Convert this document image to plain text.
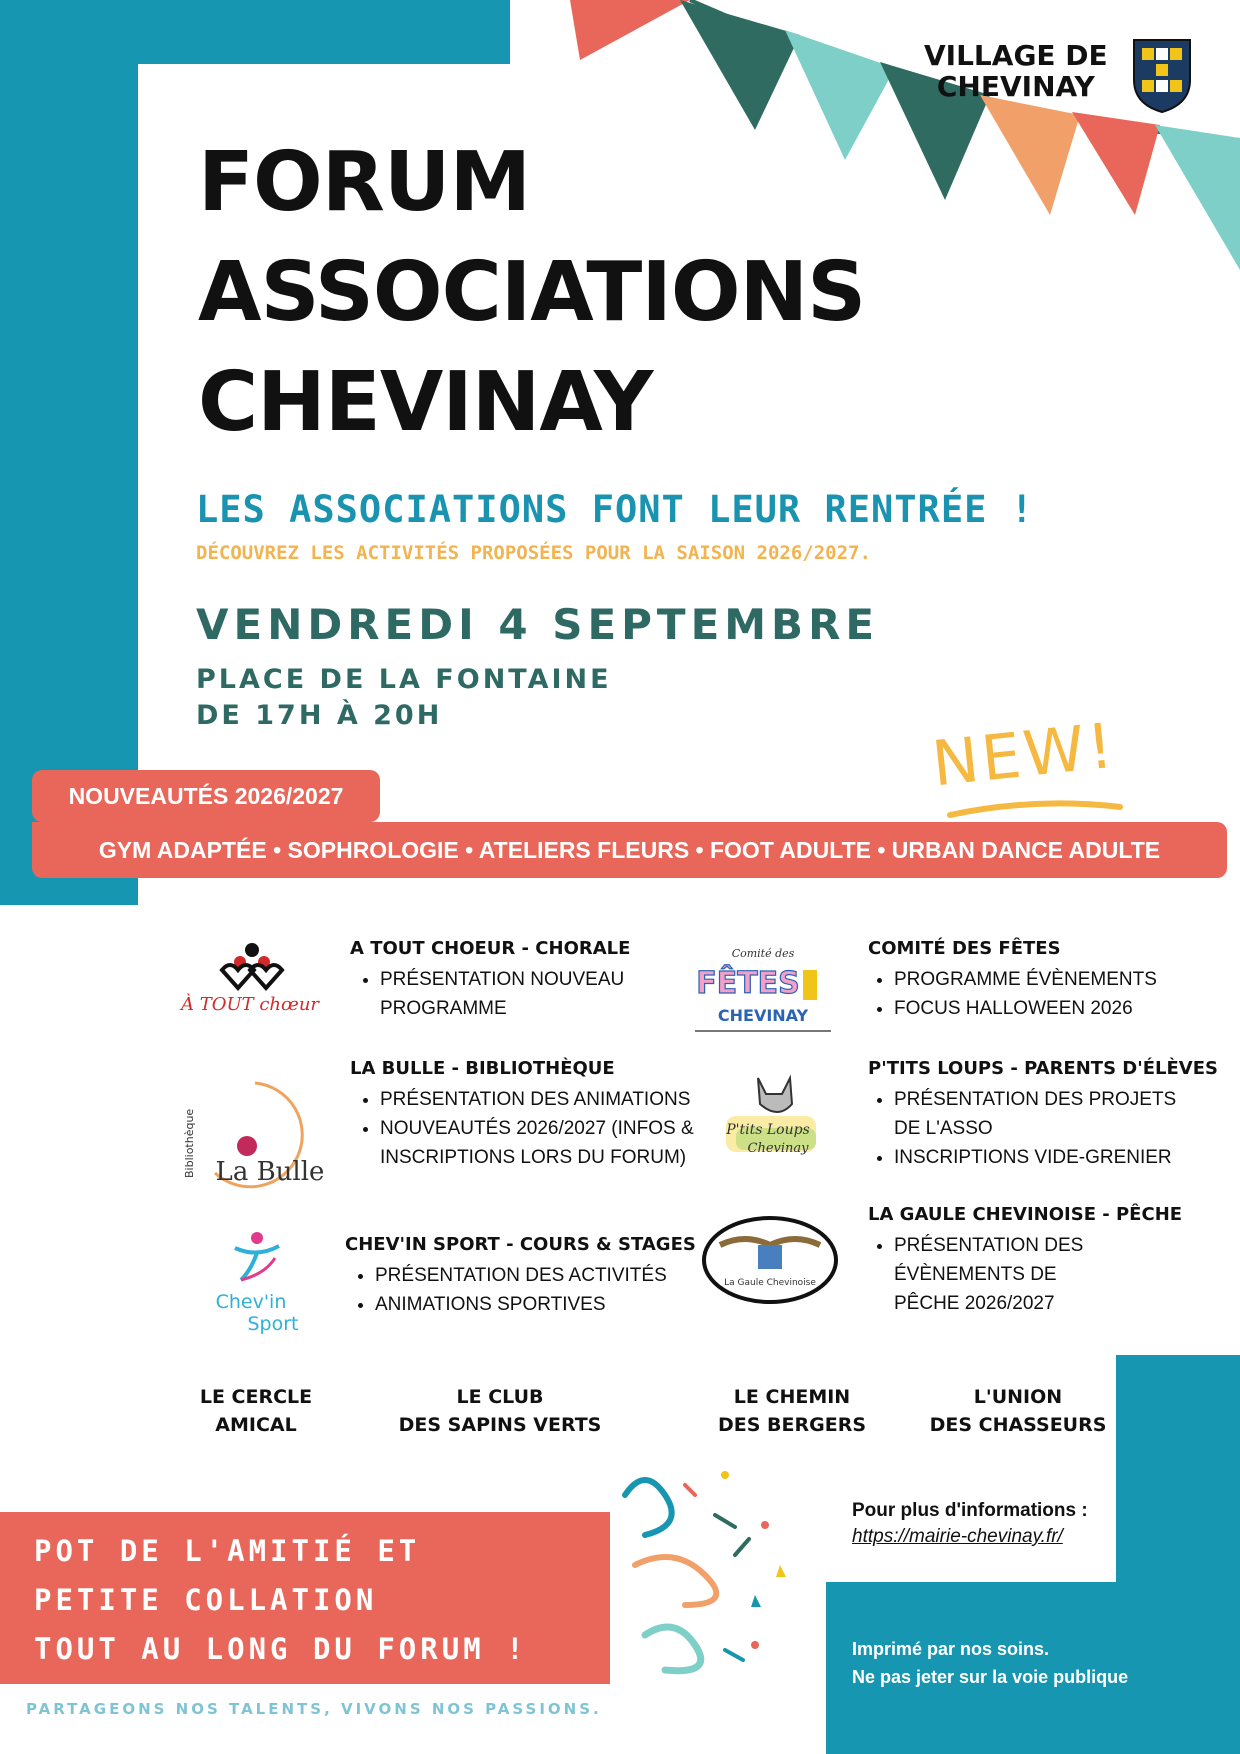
VILLAGE DE
CHEVINAY
FORUM
ASSOCIATIONS
CHEVINAY
LES ASSOCIATIONS FONT LEUR RENTRÉE !
DÉCOUVREZ LES ACTIVITÉS PROPOSÉES POUR LA SAISON 2026/2027.
VENDREDI 4 SEPTEMBRE
PLACE DE LA FONTAINE
DE 17H À 20H	NEW!
NOUVEAUTÉS 2026/2027
GYM ADAPTÉE • SOPHROLOGIE • ATELIERS FLEURS • FOOT ADULTE • URBAN DANCE ADULTE
À TOUT chœur
A TOUT CHOEUR - CHORALE
• PRÉSENTATION NOUVEAU PROGRAMME
Bibliothèque La Bulle
LA BULLE - BIBLIOTHÈQUE
• PRÉSENTATION DES ANIMATIONS
• NOUVEAUTÉS 2026/2027 (INFOS & INSCRIPTIONS LORS DU FORUM)
Chev'in
Sport
CHEV'IN SPORT - COURS & STAGES
• PRÉSENTATION DES ACTIVITÉS
• ANIMATIONS SPORTIVES
Comité des
FÊTES
CHEVINAY
COMITÉ DES FÊTES
• PROGRAMME ÉVÈNEMENTS
• FOCUS HALLOWEEN 2026
P'tits Loups
Chevinay
P'TITS LOUPS - PARENTS D'ÉLÈVES
• PRÉSENTATION DES PROJETS DE L'ASSO
• INSCRIPTIONS VIDE-GRENIER
La Gaule Chevinoise
LA GAULE CHEVINOISE - PÊCHE
• PRÉSENTATION DES ÉVÈNEMENTS DE PÊCHE 2026/2027
LE CERCLE
AMICAL
LE CLUB
DES SAPINS VERTS
LE CHEMIN
DES BERGERS
L'UNION
DES CHASSEURS
POT DE L'AMITIÉ ET
PETITE COLLATION
TOUT AU LONG DU FORUM !
PARTAGEONS NOS TALENTS, VIVONS NOS PASSIONS.
Pour plus d'informations :
https://mairie-chevinay.fr/
Imprimé par nos soins.
Ne pas jeter sur la voie publique
